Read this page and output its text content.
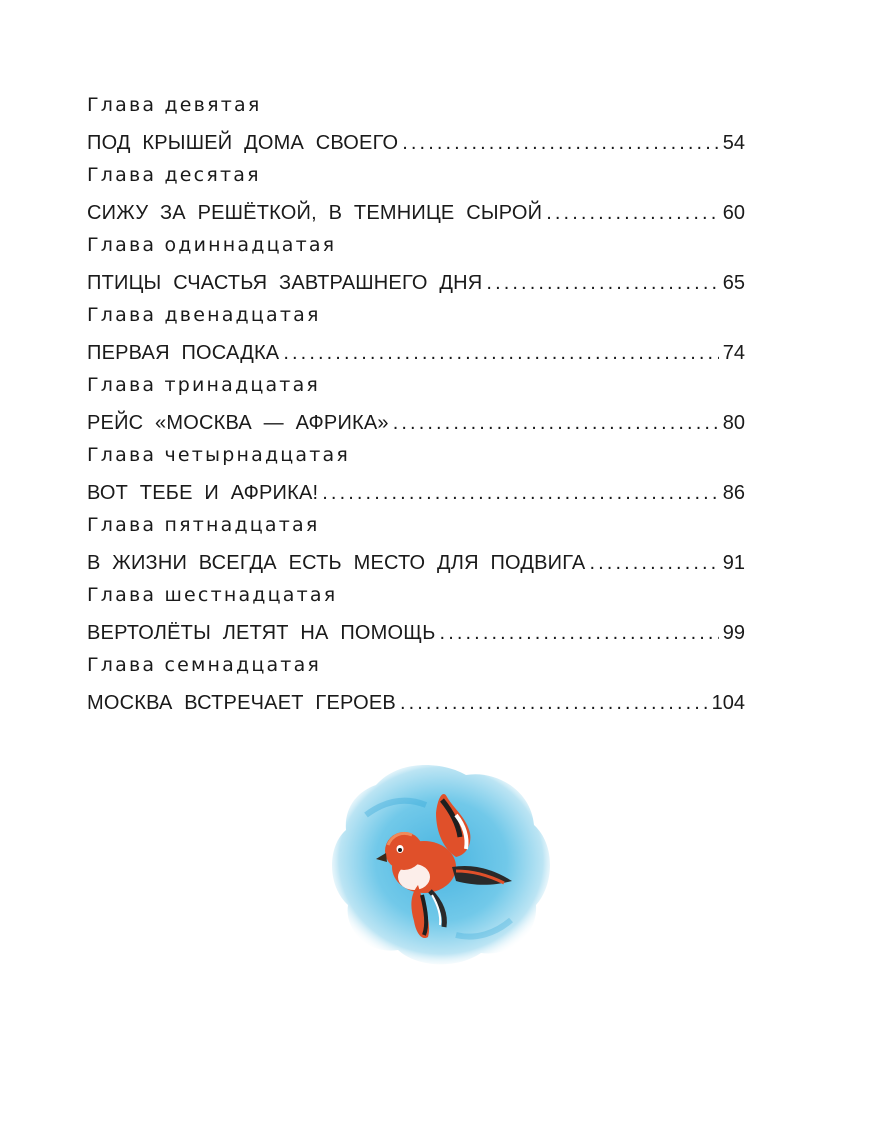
Глава девятая
ПОД КРЫШЕЙ ДОМА СВОЕГО .....	54
Глава десятая
СИЖУ ЗА РЕШЁТКОЙ, В ТЕМНИЦЕ СЫРОЙ .....	60
Глава одиннадцатая
ПТИЦЫ СЧАСТЬЯ ЗАВТРАШНЕГО ДНЯ .....	65
Глава двенадцатая
ПЕРВАЯ ПОСАДКА .....	74
Глава тринадцатая
РЕЙС «МОСКВА — АФРИКА» .....	80
Глава четырнадцатая
ВОТ ТЕБЕ И АФРИКА! .....	86
Глава пятнадцатая
В ЖИЗНИ ВСЕГДА ЕСТЬ МЕСТО ДЛЯ ПОДВИГА .....	91
Глава шестнадцатая
ВЕРТОЛЁТЫ ЛЕТЯТ НА ПОМОЩЬ .....	99
Глава семнадцатая
МОСКВА ВСТРЕЧАЕТ ГЕРОЕВ .....	104
